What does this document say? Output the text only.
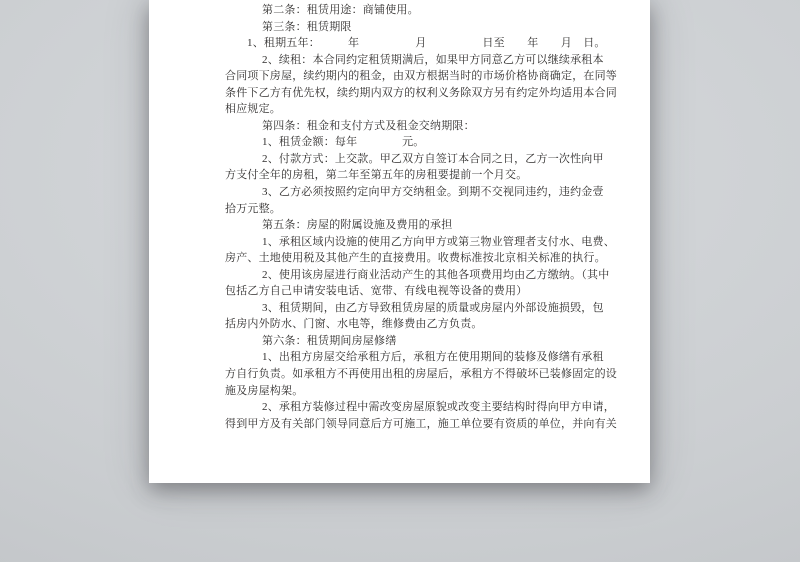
第二条：租赁用途：商铺使用。
第三条：租赁期限
1、租期五年：　　　年　　　　　月　　　　　日至　　年　　月　日。
2、续租：本合同约定租赁期满后，如果甲方同意乙方可以继续承租本
合同项下房屋，续约期内的租金，由双方根据当时的市场价格协商确定，在同等
条件下乙方有优先权，续约期内双方的权利义务除双方另有约定外均适用本合同
相应规定。
第四条：租金和支付方式及租金交纳期限：
1、租赁金额：每年　　　　元。
2、付款方式：上交款。甲乙双方自签订本合同之日，乙方一次性向甲
方支付全年的房租，第二年至第五年的房租要提前一个月交。
3、乙方必须按照约定向甲方交纳租金。到期不交视同违约，违约金壹
拾万元整。
第五条：房屋的附属设施及费用的承担
1、承租区域内设施的使用乙方向甲方或第三物业管理者支付水、电费、
房产、土地使用税及其他产生的直接费用。收费标准按北京相关标准的执行。
2、使用该房屋进行商业活动产生的其他各项费用均由乙方缴纳。（其中
包括乙方自己申请安装电话、宽带、有线电视等设备的费用）
3、租赁期间，由乙方导致租赁房屋的质量或房屋内外部设施损毁，包
括房内外防水、门窗、水电等，维修费由乙方负责。
第六条：租赁期间房屋修缮
1、出租方房屋交给承租方后，承租方在使用期间的装修及修缮有承租
方自行负责。如承租方不再使用出租的房屋后，承租方不得破坏已装修固定的设
施及房屋构架。
2、承租方装修过程中需改变房屋原貌或改变主要结构时得向甲方申请，
得到甲方及有关部门领导同意后方可施工，施工单位要有资质的单位，并向有关
